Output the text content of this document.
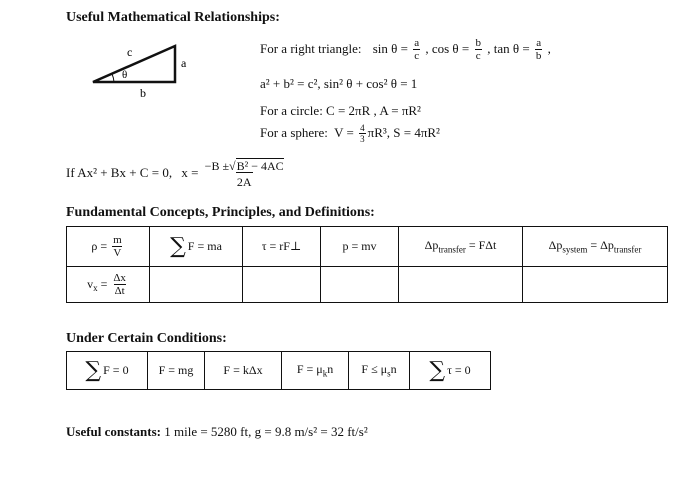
Useful Mathematical Relationships:
c
a
b
θ
For a right triangle: $\sin \theta = \frac{a}{c}$ , $\cos \theta = \frac{b}{c}$ , $\tan \theta = \frac{a}{b}$ ,
a² + b² = c², sin² θ + cos² θ = 1
For a circle: C = 2πR , A = πR²
For a sphere: $V = \frac{4}{3} \pi R^3$, S = 4πR²
If Ax² + Bx + C = 0, $x = \frac{\text{−B ±√B² − 4AC}}{2A}$
Fundamental Concepts, Principles, and Definitions:
$\rho = \frac{m}{V}$	∑ F = ma	τ = rF⊥	p = mv	$\Delta p_{transfer} = F\Delta t$	$\Delta p_{system} = \Delta p_{transfer}$
$v_x = \frac{\Delta x}{\Delta t}$

Under Certain Conditions:
∑ F = 0	F = mg	F = kΔx	$F = \mu_kn$	$F \le \mu_sn$	∑ τ = 0
Useful constants: 1 mile = 5280 ft, g = 9.8 m/s² = 32 ft/s²
